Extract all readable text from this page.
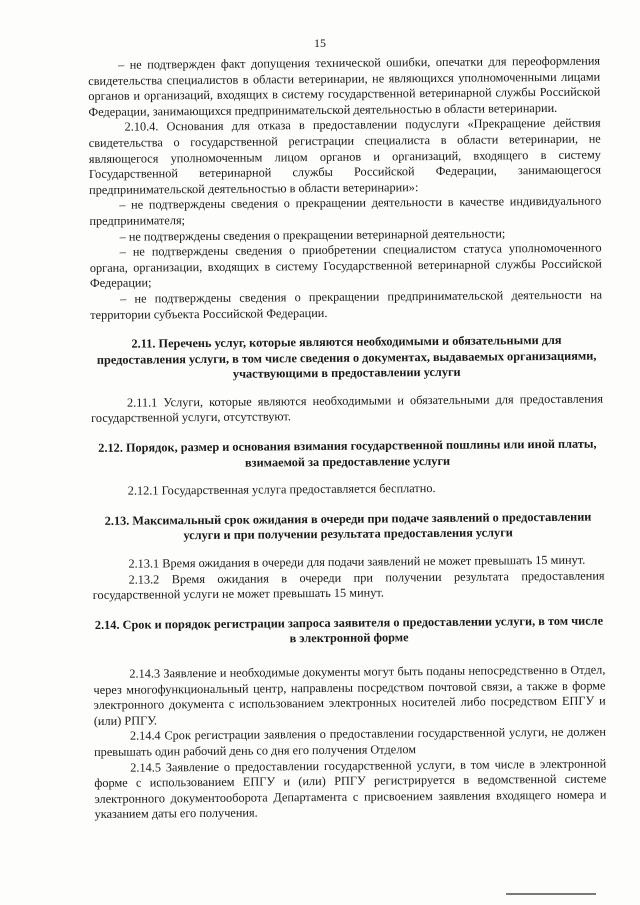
15

– не подтвержден факт допущения технической ошибки, опечатки для переоформления свидетельства специалистов в области ветеринарии, не являющихся уполномоченными лицами органов и организаций, входящих в систему государственной ветеринарной службы Российской Федерации, занимающихся предпринимательской деятельностью в области ветеринарии.

2.10.4. Основания для отказа в предоставлении подуслуги «Прекращение действия свидетельства о государственной регистрации специалиста в области ветеринарии, не являющегося уполномоченным лицом органов и организаций, входящего в систему Государственной ветеринарной службы Российской Федерации, занимающегося предпринимательской деятельностью в области ветеринарии»:

– не подтверждены сведения о прекращении деятельности в качестве индивидуального предпринимателя;

– не подтверждены сведения о прекращении ветеринарной деятельности;

– не подтверждены сведения о приобретении специалистом статуса уполномоченного органа, организации, входящих в систему Государственной ветеринарной службы Российской Федерации;

– не подтверждены сведения о прекращении предпринимательской деятельности на территории субъекта Российской Федерации.

2.11. Перечень услуг, которые являются необходимыми и обязательными для предоставления услуги, в том числе сведения о документах, выдаваемых организациями, участвующими в предоставлении услуги

2.11.1 Услуги, которые являются необходимыми и обязательными для предоставления государственной услуги, отсутствуют.

2.12. Порядок, размер и основания взимания государственной пошлины или иной платы, взимаемой за предоставление услуги

2.12.1 Государственная услуга предоставляется бесплатно.

2.13. Максимальный срок ожидания в очереди при подаче заявлений о предоставлении услуги и при получении результата предоставления услуги

2.13.1 Время ожидания в очереди для подачи заявлений не может превышать 15 минут.

2.13.2 Время ожидания в очереди при получении результата предоставления государственной услуги не может превышать 15 минут.

2.14. Срок и порядок регистрации запроса заявителя о предоставлении услуги, в том числе в электронной форме

2.14.3 Заявление и необходимые документы могут быть поданы непосредственно в Отдел, через многофункциональный центр, направлены посредством почтовой связи, а также в форме электронного документа с использованием электронных носителей либо посредством ЕПГУ и (или) РПГУ.

2.14.4 Срок регистрации заявления о предоставлении государственной услуги, не должен превышать один рабочий день со дня его получения Отделом

2.14.5 Заявление о предоставлении государственной услуги, в том числе в электронной форме с использованием ЕПГУ и (или) РПГУ регистрируется в ведомственной системе электронного документооборота Департамента с присвоением заявления входящего номера и указанием даты его получения.
